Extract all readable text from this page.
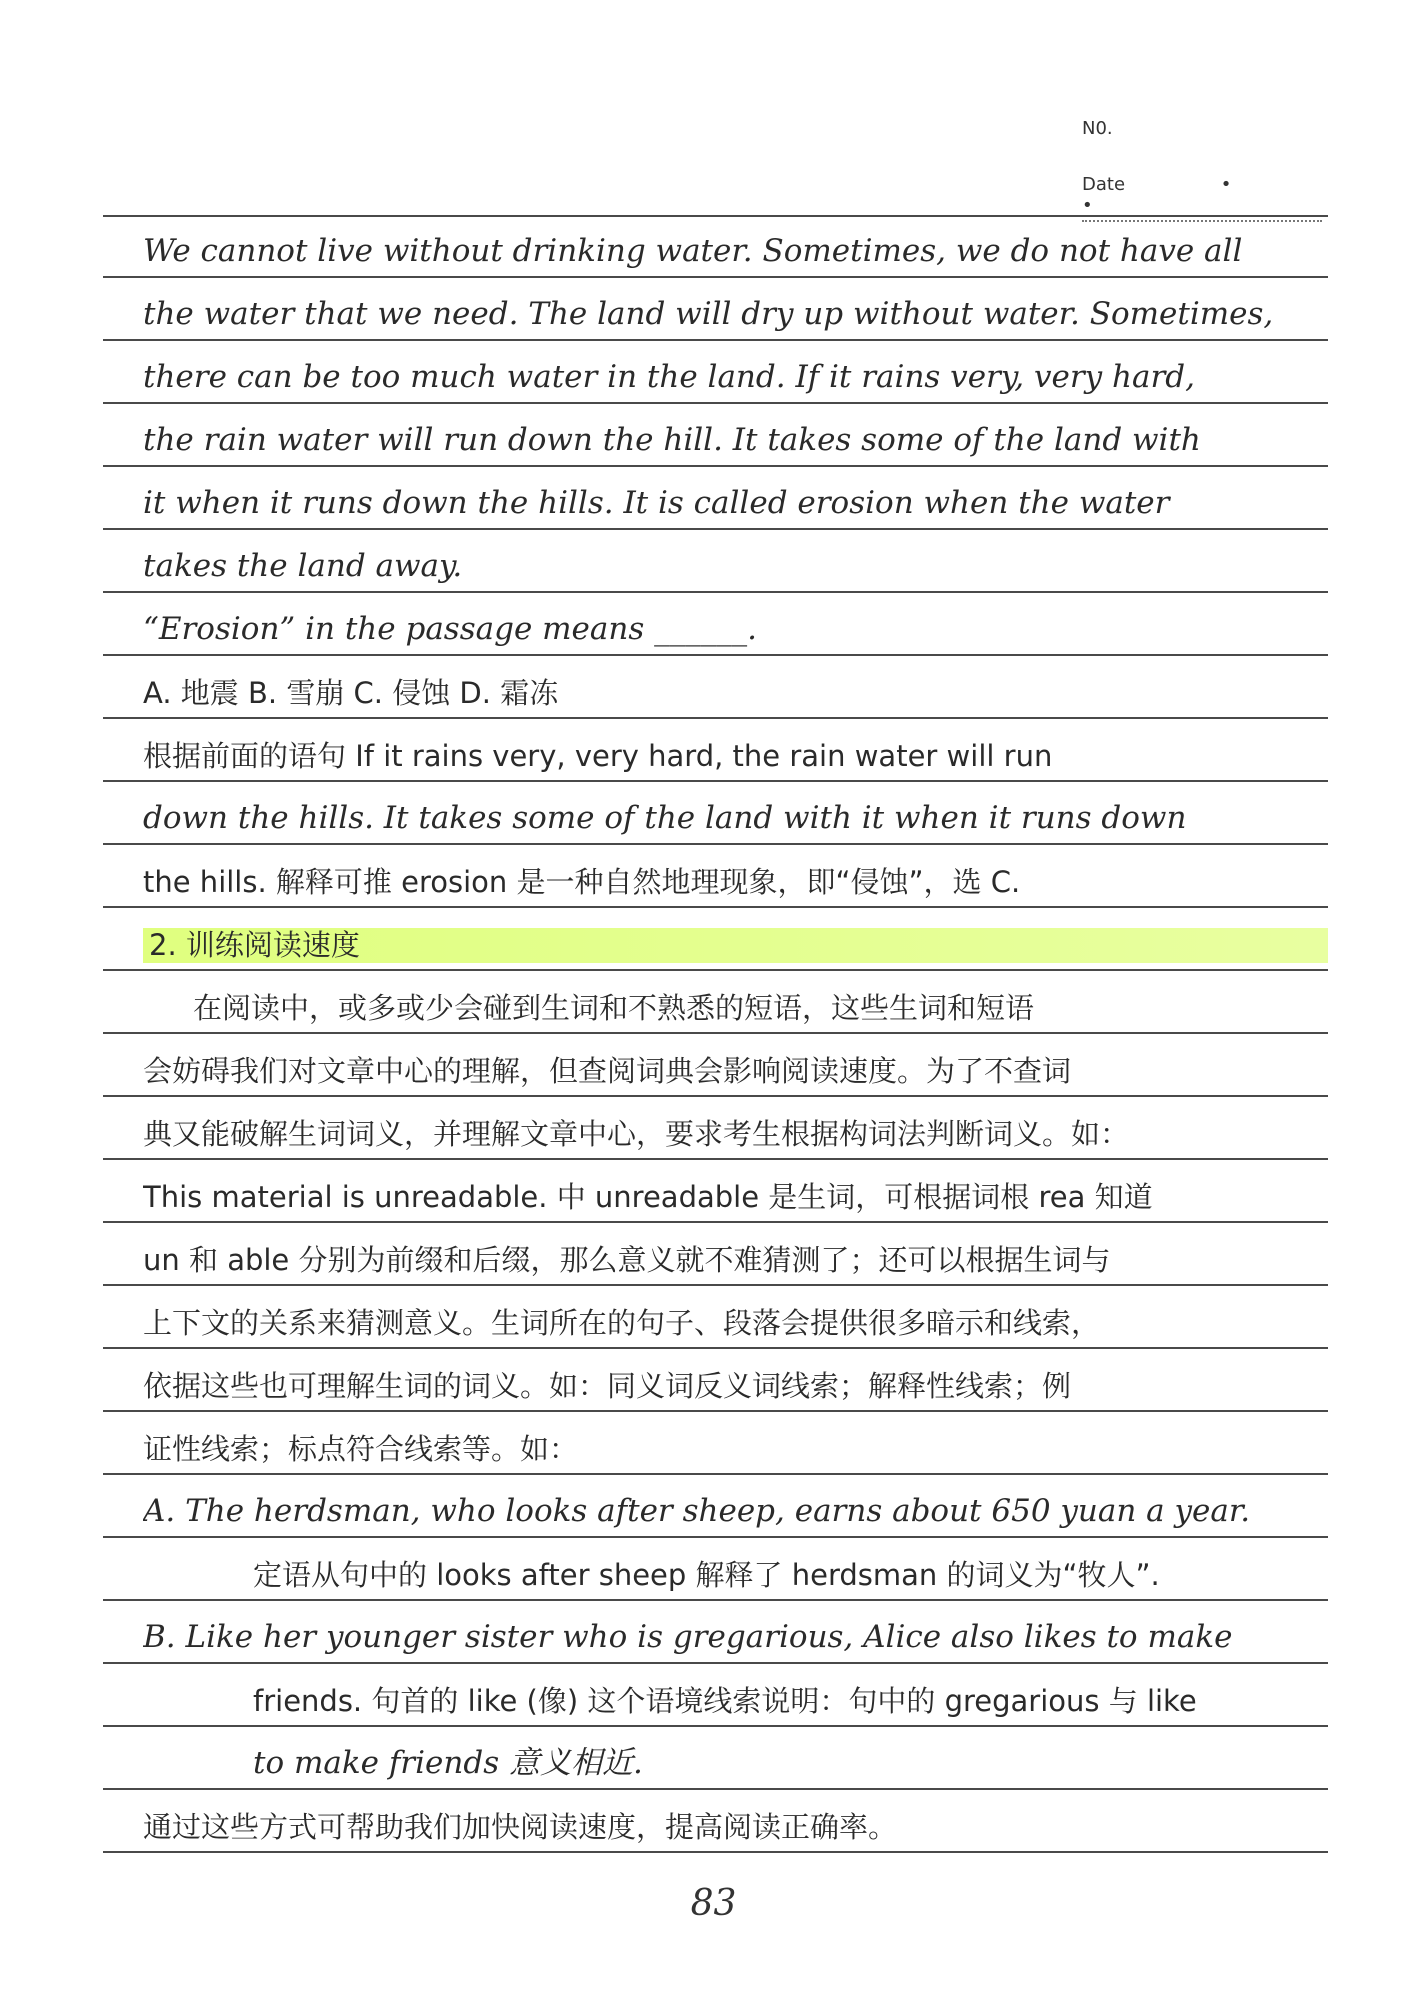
N0.
Date	• •
We cannot live without drinking water. Sometimes, we do not have all
the water that we need. The land will dry up without water. Sometimes,
there can be too much water in the land. If it rains very, very hard,
the rain water will run down the hill. It takes some of the land with
it when it runs down the hills. It is called erosion when the water
takes the land away.
“Erosion” in the passage means ______.
A. 地震 B. 雪崩 C. 侵蚀 D. 霜冻
根据前面的语句 If it rains very, very hard, the rain water will run
down the hills. It takes some of the land with it when it runs down
the hills. 解释可推 erosion 是一种自然地理现象，即“侵蚀”，选 C.
2. 训练阅读速度
在阅读中，或多或少会碰到生词和不熟悉的短语，这些生词和短语
会妨碍我们对文章中心的理解，但查阅词典会影响阅读速度。为了不查词
典又能破解生词词义，并理解文章中心，要求考生根据构词法判断词义。如：
This material is unreadable. 中 unreadable 是生词，可根据词根 rea 知道
un 和 able 分别为前缀和后缀，那么意义就不难猜测了；还可以根据生词与
上下文的关系来猜测意义。生词所在的句子、段落会提供很多暗示和线索，
依据这些也可理解生词的词义。如：同义词反义词线索；解释性线索；例
证性线索；标点符合线索等。如：
A. The herdsman, who looks after sheep, earns about 650 yuan a year.
定语从句中的 looks after sheep 解释了 herdsman 的词义为“牧人”.
B. Like her younger sister who is gregarious, Alice also likes to make
friends. 句首的 like (像) 这个语境线索说明：句中的 gregarious 与 like
to make friends 意义相近.
通过这些方式可帮助我们加快阅读速度，提高阅读正确率。
83
